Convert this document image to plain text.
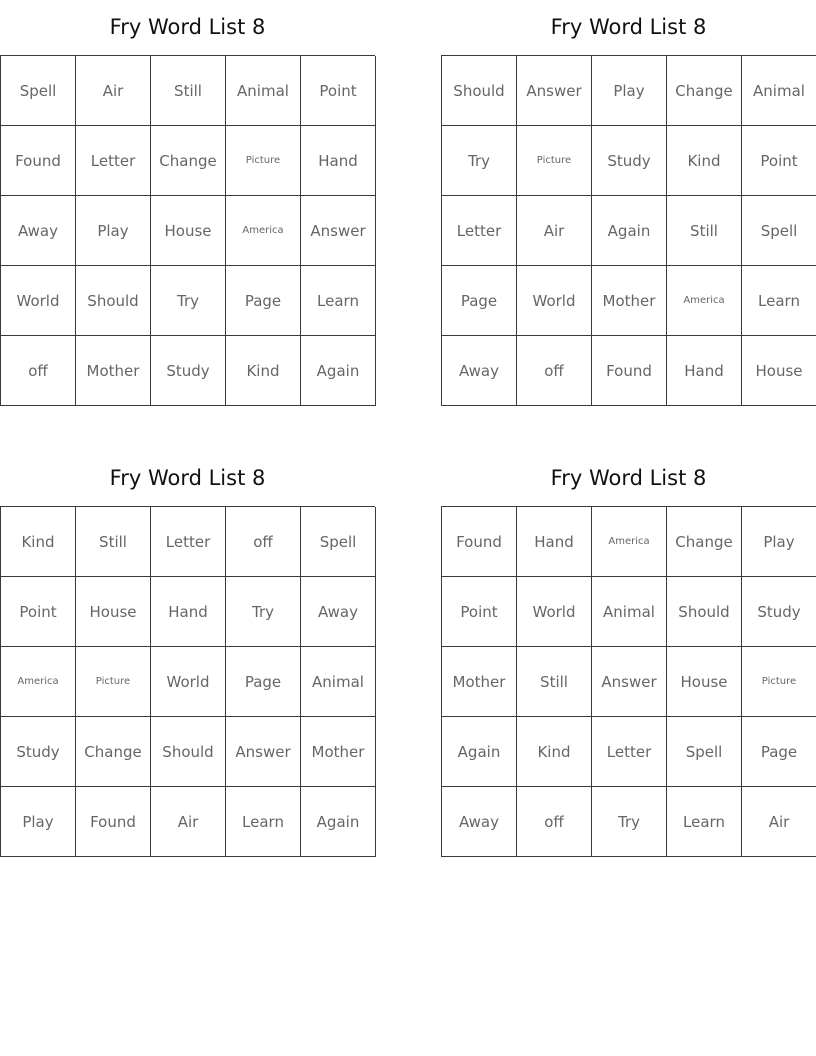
Fry Word List 8
Spell	Air	Still	Animal	Point
Found	Letter	Change	Picture	Hand
Away	Play	House	America	Answer
World	Should	Try	Page	Learn
off	Mother	Study	Kind	Again
Fry Word List 8
Should	Answer	Play	Change	Animal
Try	Picture	Study	Kind	Point
Letter	Air	Again	Still	Spell
Page	World	Mother	America	Learn
Away	off	Found	Hand	House
Fry Word List 8
Kind	Still	Letter	off	Spell
Point	House	Hand	Try	Away
America	Picture	World	Page	Animal
Study	Change	Should	Answer	Mother
Play	Found	Air	Learn	Again
Fry Word List 8
Found	Hand	America	Change	Play
Point	World	Animal	Should	Study
Mother	Still	Answer	House	Picture
Again	Kind	Letter	Spell	Page
Away	off	Try	Learn	Air
